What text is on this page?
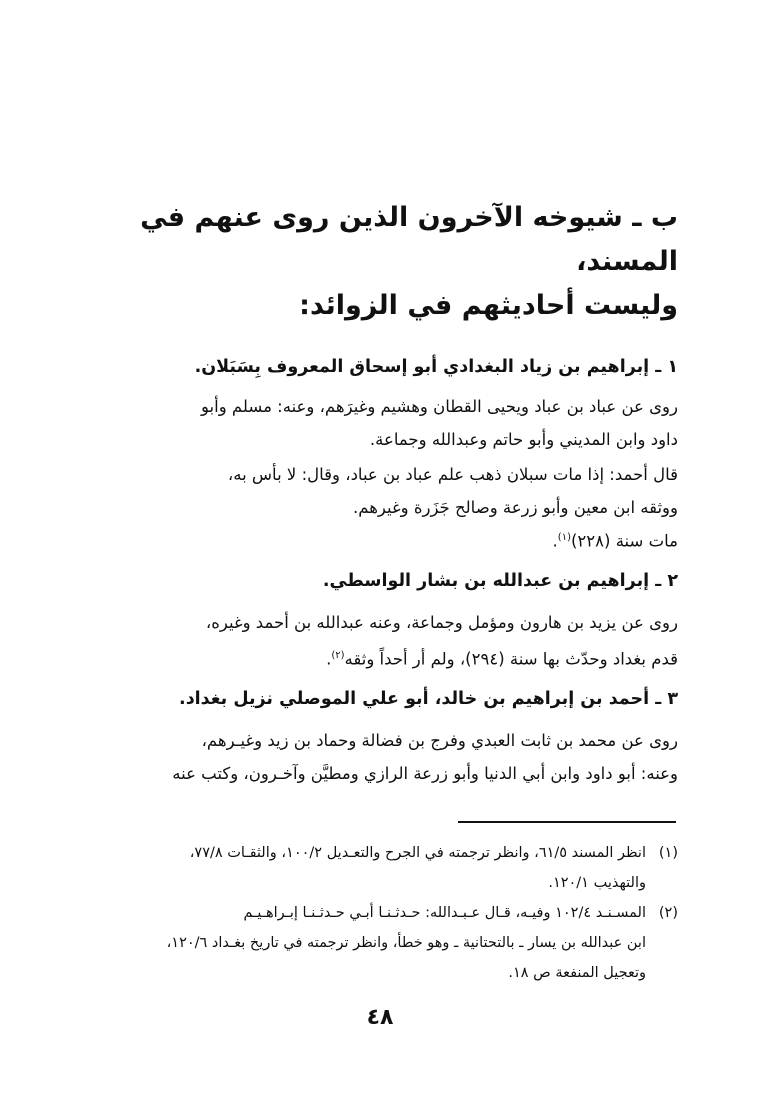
ب ـ شيوخه الآخرون الذين روى عنهم في المسند،
وليست أحاديثهم في الزوائد:
١ ـ إبراهيم بن زياد البغدادي أبو إسحاق المعروف بِسَبَلان.
روى عن عباد بن عباد ويحيى القطان وهشيم وغيرَهم، وعنه: مسلم وأبو
داود وابن المديني وأبو حاتم وعبدالله وجماعة.
قال أحمد: إذا مات سبلان ذهب علم عباد بن عباد، وقال: لا بأس به،
ووثقه ابن معين وأبو زرعة وصالح جَزَرة وغيرهم.
مات سنة (٢٢٨)$^{(١)}$.
٢ ـ إبراهيم بن عبدالله بن بشار الواسطي.
روى عن يزيد بن هارون ومؤمل وجماعة، وعنه عبدالله بن أحمد وغيره،
قدم بغداد وحدّث بها سنة (٢٩٤)، ولم أر أحداً وثقه$^{(٢)}$.
٣ ـ أحمد بن إبراهيم بن خالد، أبو علي الموصلي نزيل بغداد.
روى عن محمد بن ثابت العبدي وفرج بن فضالة وحماد بن زيد وغيـرهم،
وعنه: أبو داود وابن أبي الدنيا وأبو زرعة الرازي ومطيَّن وآخـرون، وكتب عنه
(١)انظر المسند ٦١/٥، وانظر ترجمته في الجرح والتعـديل ١٠٠/٢، والثقـات ٧٧/٨،
والتهذيب ١٢٠/١.
(٢)المسـنـد ١٠٢/٤ وفيـه، قـال عـبـدالله: حـدثـنـا أبـي حـدثـنـا إبـراهـيـم
ابن عبدالله بن يسار ـ بالتحتانية ـ وهو خطأ، وانظر ترجمته في تاريخ بغـداد ١٢٠/٦،
وتعجيل المنفعة ص ١٨.
٤٨
